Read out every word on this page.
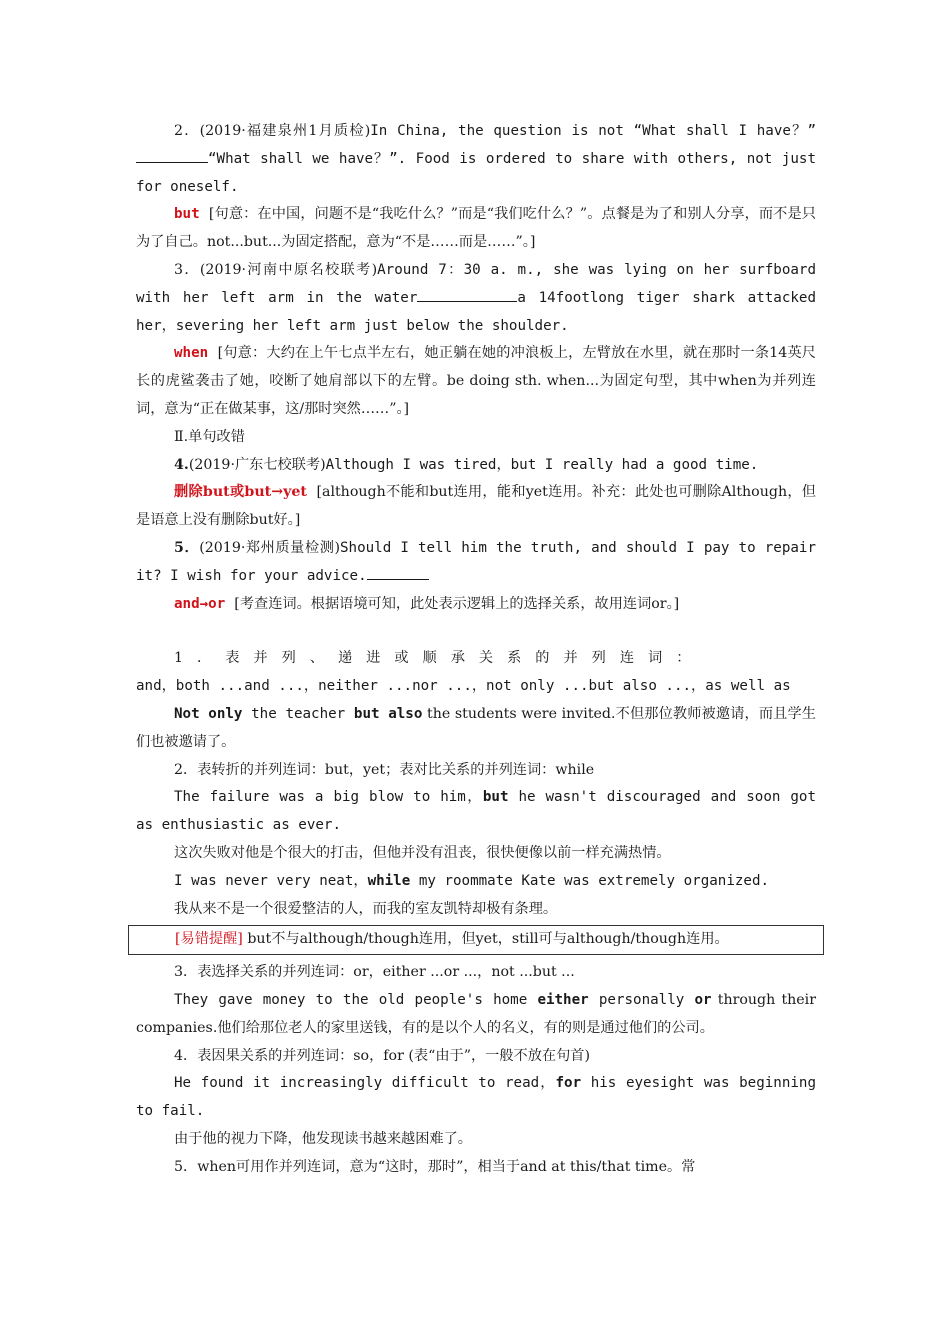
2．(2019·福建泉州1月质检)In China, the question is not “What shall I have？”“What shall we have？”. Food is ordered to share with others, not just for oneself.

but [句意：在中国，问题不是“我吃什么？”而是“我们吃什么？”。点餐是为了和别人分享，而不是只为了自己。not...but...为固定搭配，意为“不是……而是……”。]

3．(2019·河南中原名校联考)Around 7：30 a. m., she was lying on her surfboard with her left arm in the water	a 14footlong tiger shark attacked her，severing her left arm just below the shoulder.

when [句意：大约在上午七点半左右，她正躺在她的冲浪板上，左臂放在水里，就在那时一条14英尺长的虎鲨袭击了她，咬断了她肩部以下的左臂。be doing sth. when...为固定句型，其中when为并列连词，意为“正在做某事，这/那时突然……”。]

Ⅱ.单句改错

4.(2019·广东七校联考)Although I was tired，but I really had a good time.

删除but或but→yet [although不能和but连用，能和yet连用。补充：此处也可删除Although，但是语意上没有删除but好。]

5．(2019·郑州质量检测)Should I tell him the truth, and should I pay to repair it? I wish for your advice.

and→or [考查连词。根据语境可知，此处表示逻辑上的选择关系，故用连词or。]

1．表并列、递进或顺承关系的并列连词：

and，both ...and ...，neither ...nor ...，not only ...but also ...，as well as

Not only the teacher but also the students were invited.不但那位教师被邀请，而且学生们也被邀请了。

2．表转折的并列连词：but，yet；表对比关系的并列连词：while

The failure was a big blow to him，but he wasn't discouraged and soon got as enthusiastic as ever.

这次失败对他是个很大的打击，但他并没有沮丧，很快便像以前一样充满热情。

I was never very neat，while my roommate Kate was extremely organized.

我从来不是一个很爱整洁的人，而我的室友凯特却极有条理。

[易错提醒] but不与although/though连用，但yet，still可与although/though连用。

3．表选择关系的并列连词：or，either ...or ...，not ...but ...

They gave money to the old people's home either personally or through their companies.他们给那位老人的家里送钱，有的是以个人的名义，有的则是通过他们的公司。

4．表因果关系的并列连词：so，for (表“由于”，一般不放在句首)

He found it increasingly difficult to read，for his eyesight was beginning to fail.

由于他的视力下降，他发现读书越来越困难了。

5．when可用作并列连词，意为“这时，那时”，相当于and at this/that time。常
